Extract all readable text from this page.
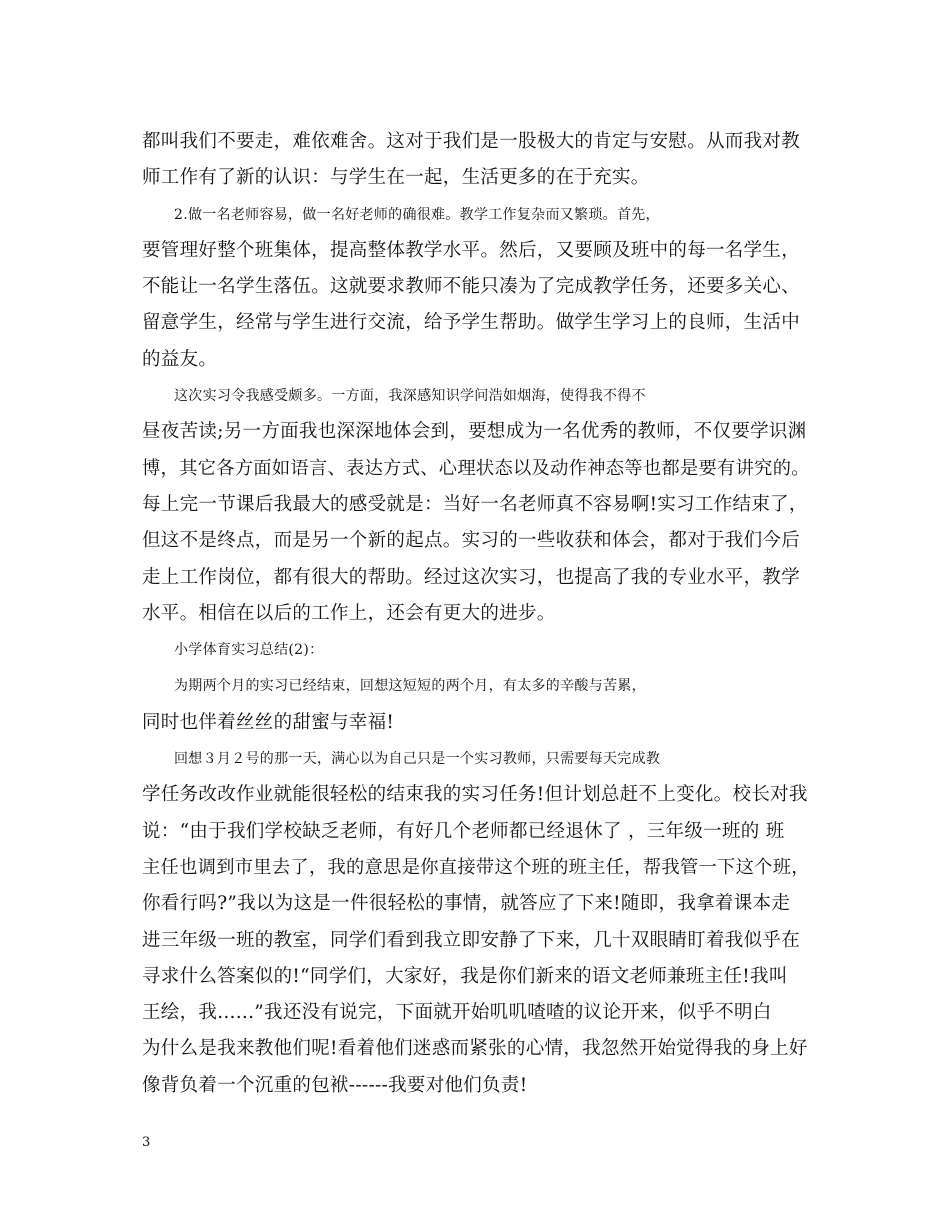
都叫我们不要走，难依难舍。这对于我们是一股极大的肯定与安慰。从而我对教
师工作有了新的认识：与学生在一起，生活更多的在于充实。
2.做一名老师容易，做一名好老师的确很难。教学工作复杂而又繁琐。首先，
要管理好整个班集体，提高整体教学水平。然后，又要顾及班中的每一名学生，
不能让一名学生落伍。这就要求教师不能只凑为了完成教学任务，还要多关心、
留意学生，经常与学生进行交流，给予学生帮助。做学生学习上的良师，生活中
的益友。
这次实习令我感受颇多。一方面，我深感知识学问浩如烟海，使得我不得不
昼夜苦读;另一方面我也深深地体会到，要想成为一名优秀的教师，不仅要学识渊
博，其它各方面如语言、表达方式、心理状态以及动作神态等也都是要有讲究的。
每上完一节课后我最大的感受就是：当好一名老师真不容易啊!实习工作结束了，
但这不是终点，而是另一个新的起点。实习的一些收获和体会，都对于我们今后
走上工作岗位，都有很大的帮助。经过这次实习，也提高了我的专业水平，教学
水平。相信在以后的工作上，还会有更大的进步。
小学体育实习总结(2)：
为期两个月的实习已经结束，回想这短短的两个月，有太多的辛酸与苦累，
同时也伴着丝丝的甜蜜与幸福!
回想３月２号的那一天，满心以为自己只是一个实习教师，只需要每天完成教
学任务改改作业就能很轻松的结束我的实习任务!但计划总赶不上变化。校长对我
说：“由于我们学校缺乏老师，有好几个老师都已经退休了 ，三年级一班的 班
主任也调到市里去了，我的意思是你直接带这个班的班主任，帮我管一下这个班，
你看行吗?”我以为这是一件很轻松的事情，就答应了下来!随即，我拿着课本走
进三年级一班的教室，同学们看到我立即安静了下来，几十双眼睛盯着我似乎在
寻求什么答案似的!“同学们，大家好，我是你们新来的语文老师兼班主任!我叫
王绘，我......”我还没有说完，下面就开始叽叽喳喳的议论开来，似乎不明白
为什么是我来教他们呢!看着他们迷惑而紧张的心情，我忽然开始觉得我的身上好
像背负着一个沉重的包袱------我要对他们负责!
3
